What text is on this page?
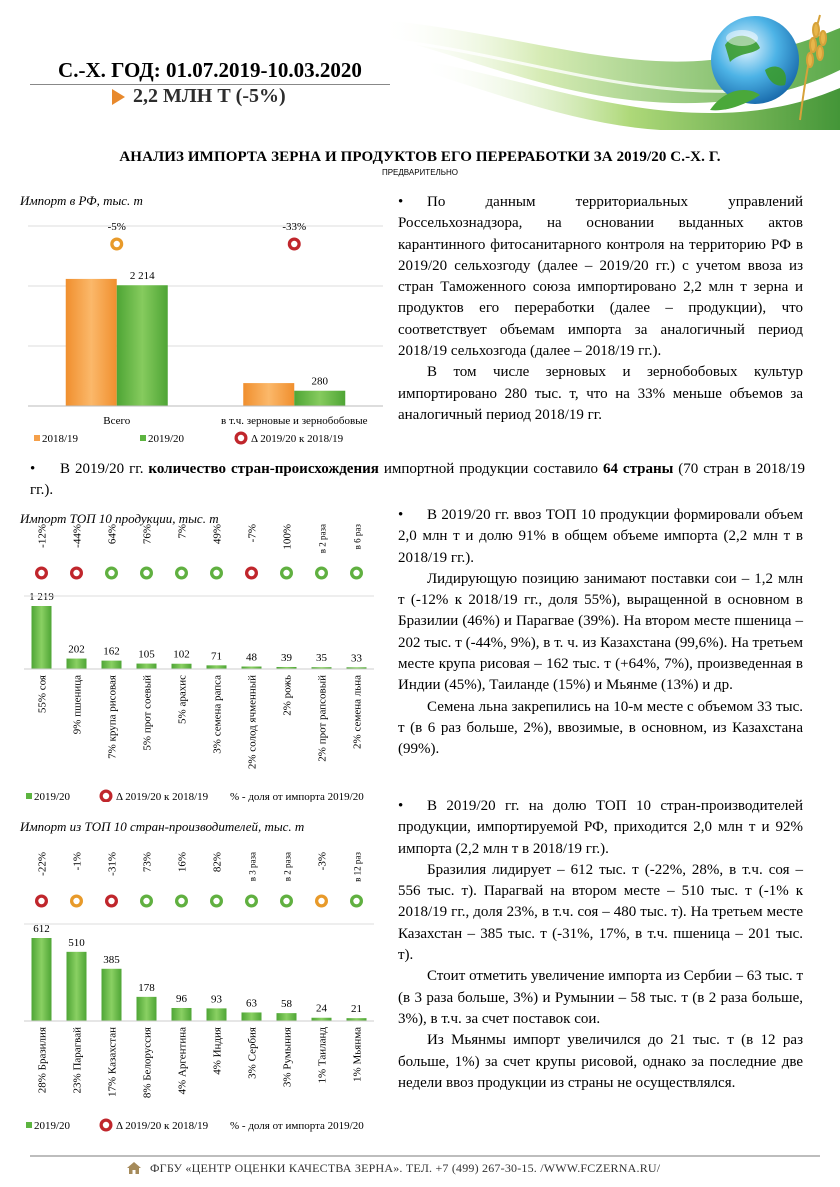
С.-Х. ГОД: 01.07.2019-10.03.2020
2,2 МЛН Т (-5%)
АНАЛИЗ ИМПОРТА ЗЕРНА И ПРОДУКТОВ ЕГО ПЕРЕРАБОТКИ ЗА 2019/20 С.-Х. Г.
ПРЕДВАРИТЕЛЬНО
Импорт в РФ, тыс. т
2 214
-5%
Всего
280
-33%
в т.ч. зерновые и зернобобовые
2018/19	2019/20	Δ 2019/20 к 2018/19

• По данным территориальных управлений Россельхознадзора, на основании выданных актов карантинного фитосанитарного контроля на территорию РФ в 2019/20 сельхозгоду (далее – 2019/20 гг.) с учетом ввоза из стран Таможенного союза импортировано 2,2 млн т зерна и продуктов его переработки (далее – продукции), что соответствует объемам импорта за аналогичный период 2018/19 сельхозгода (далее – 2018/19 гг.).

В том числе зерновых и зернобобовых культур импортировано 280 тыс. т, что на 33% меньше объемов за аналогичный период 2018/19 гг.

• В 2019/20 гг. количество стран-происхождения импортной продукции составило 64 страны (70 стран в 2018/19 гг.).
Импорт ТОП 10 продукции, тыс. т
1 219
-12%
55% соя
202
-44%
9% пшеница
162
64%
7% крупа рисовая
105
76%
5% прот соевый
102
7%
5% арахис
71
49%
3% семена рапса
48
-7%
2% солод ячменный
39
100%
2% рожь
35
в 2 раза
2% прот рапсовый
33
в 6 раз
2% семена льна
2019/20	Δ 2019/20 к 2018/19 % - доля от импорта 2019/20

• В 2019/20 гг. ввоз ТОП 10 продукции формировали объем 2,0 млн т и долю 91% в общем объеме импорта (2,2 млн т в 2018/19 гг.).

Лидирующую позицию занимают поставки сои – 1,2 млн т (-12% к 2018/19 гг., доля 55%), выращенной в основном в Бразилии (46%) и Парагвае (39%). На втором месте пшеница – 202 тыс. т (-44%, 9%), в т. ч. из Казахстана (99,6%). На третьем месте крупа рисовая – 162 тыс. т (+64%, 7%), произведенная в Индии (45%), Таиланде (15%) и Мьянме (13%) и др.

Семена льна закрепились на 10-м месте с объемом 33 тыс. т (в 6 раз больше, 2%), ввозимые, в основном, из Казахстана (99%).

Импорт из ТОП 10 стран-производителей, тыс. т
612
-22%
28% Бразилия
510
-1%
23% Парагвай
385
-31%
17% Казахстан
178
73%
8% Белоруссия
96
16%
4% Аргентина
93
82%
4% Индия
63
в 3 раза
3% Сербия
58
в 2 раза
3% Румыния
24
-3%
1% Таиланд
21
в 12 раз
1% Мьянма
2019/20	Δ 2019/20 к 2018/19 % - доля от импорта 2019/20

• В 2019/20 гг. на долю ТОП 10 стран-производителей продукции, импортируемой РФ, приходится 2,0 млн т и 92% импорта (2,2 млн т в 2018/19 гг.).

Бразилия лидирует – 612 тыс. т (-22%, 28%, в т.ч. соя – 556 тыс. т). Парагвай на втором месте – 510 тыс. т (-1% к 2018/19 гг., доля 23%, в т.ч. соя – 480 тыс. т). На третьем месте Казахстан – 385 тыс. т (-31%, 17%, в т.ч. пшеница – 201 тыс. т).

Стоит отметить увеличение импорта из Сербии – 63 тыс. т (в 3 раза больше, 3%) и Румынии – 58 тыс. т (в 2 раза больше, 3%), в т.ч. за счет поставок сои.

Из Мьянмы импорт увеличился до 21 тыс. т (в 12 раз больше, 1%) за счет крупы рисовой, однако за последние две недели ввоз продукции из страны не осуществлялся.

ФГБУ «ЦЕНТР ОЦЕНКИ КАЧЕСТВА ЗЕРНА». ТЕЛ. +7 (499) 267-30-15. /WWW.FCZERNA.RU/
